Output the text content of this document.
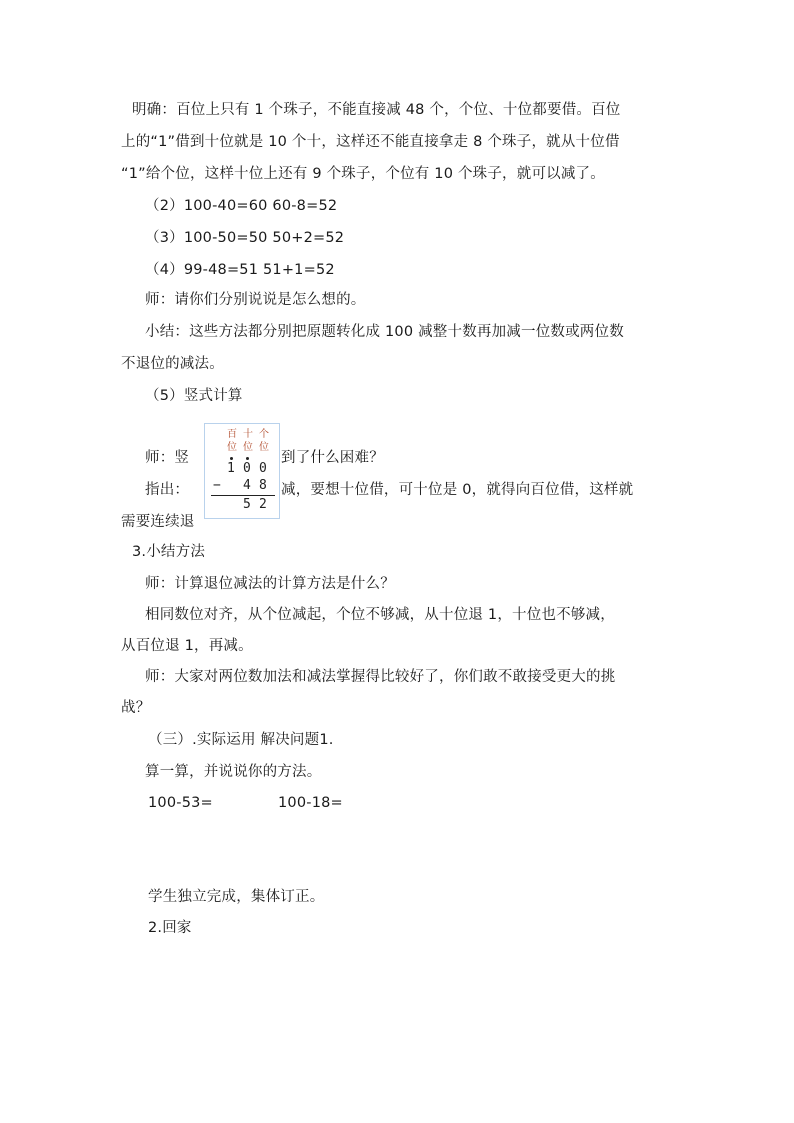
明确：百位上只有 1 个珠子，不能直接减 48 个，个位、十位都要借。百位
上的“1”借到十位就是 10 个十，这样还不能直接拿走 8 个珠子，就从十位借
“1”给个位，这样十位上还有 9 个珠子，个位有 10 个珠子，就可以减了。
（2）100-40=60 60-8=52
（3）100-50=50 50+2=52
（4）99-48=51 51+1=52
师：请你们分别说说是怎么想的。
小结：这些方法都分别把原题转化成 100 减整十数再加减一位数或两位数
不退位的减法。
（5）竖式计算
师：竖	到了什么困难？
指出：	减，要想十位借，可十位是 0，就得向百位借，这样就
需要连续退
3.小结方法
师：计算退位减法的计算方法是什么？
相同数位对齐，从个位减起，个位不够减，从十位退 1，十位也不够减，
从百位退 1，再减。
师：大家对两位数加法和减法掌握得比较好了，你们敢不敢接受更大的挑
战？
（三）.实际运用 解决问题1.
算一算，并说说你的方法。
100-53=	100-18=
学生独立完成，集体订正。
2.回家
百 十 个
位 位 位
1 0 0
− 4 8
5 2
